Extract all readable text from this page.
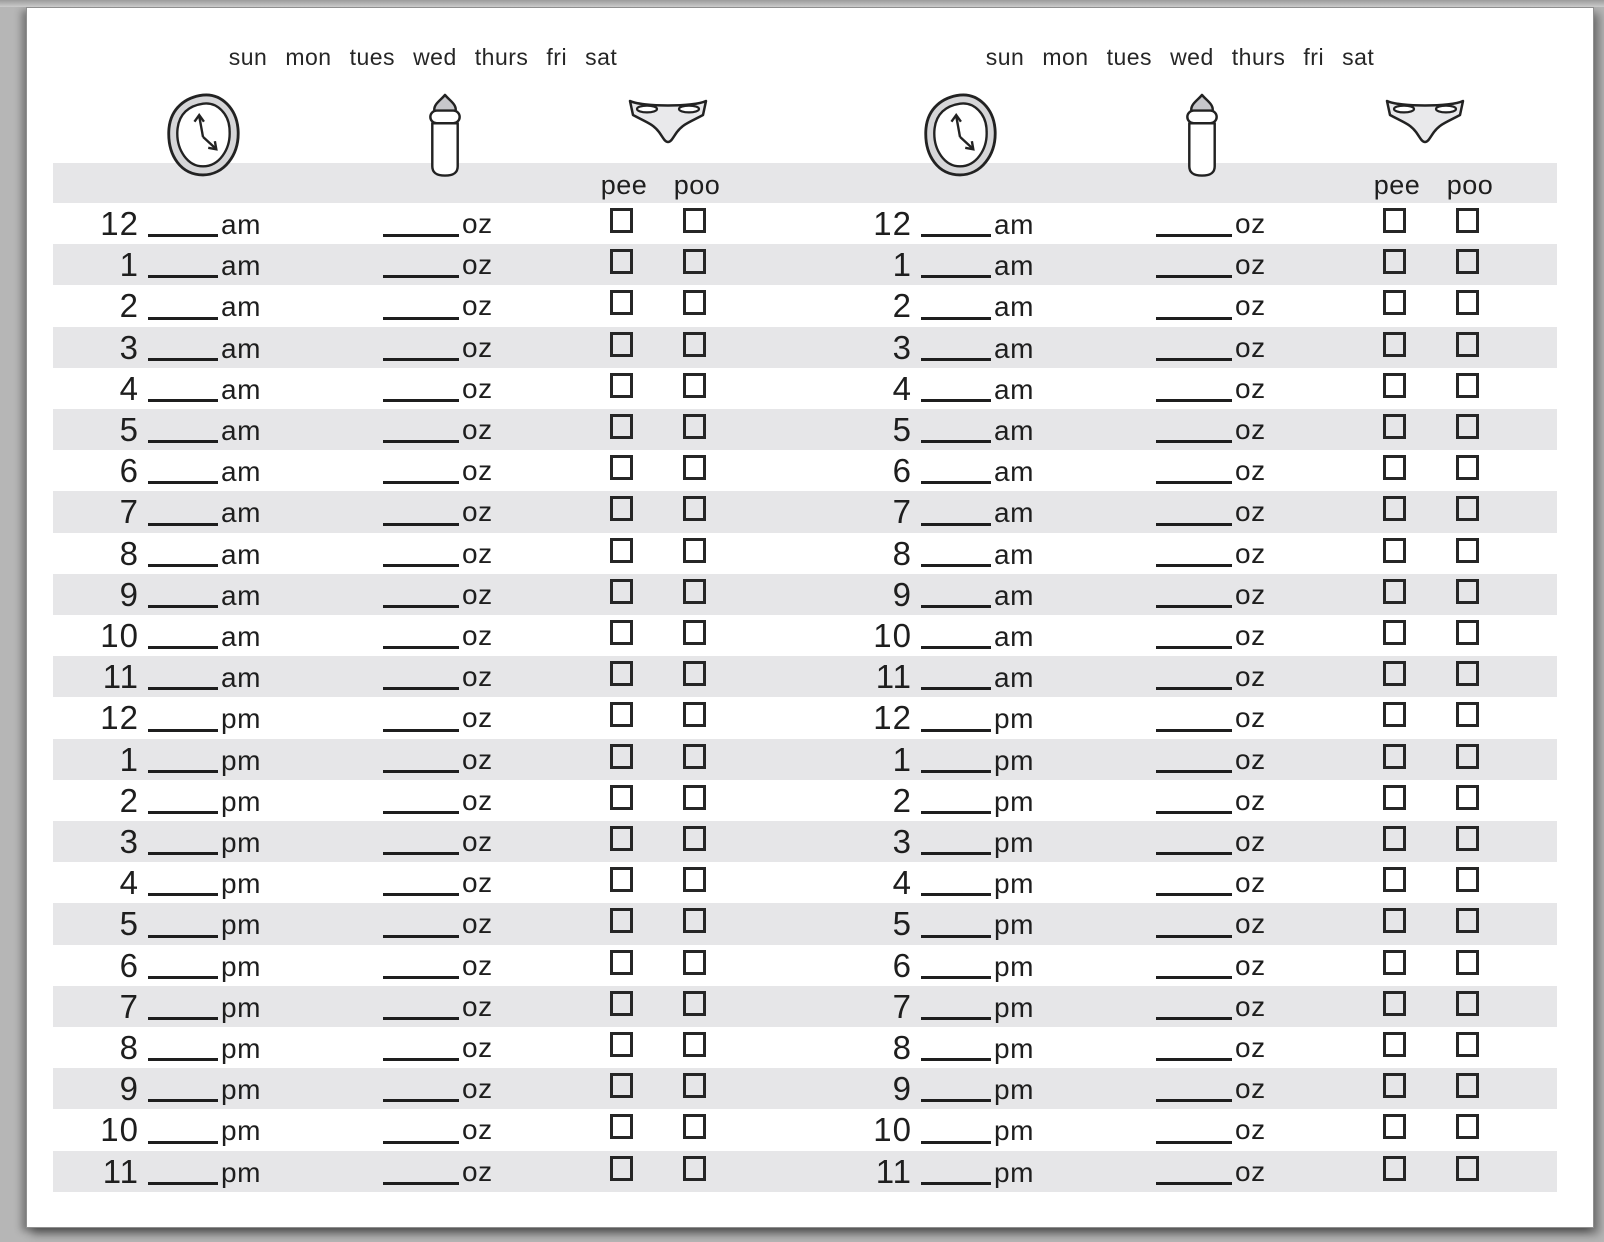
pee poo	pee poo
12	am	oz	12	am	oz
1	am	oz	1	am	oz
2	am	oz	2	am	oz
3	am	oz	3	am	oz
4	am	oz	4	am	oz
5	am	oz	5	am	oz
6	am	oz	6	am	oz
7	am	oz	7	am	oz
8	am	oz	8	am	oz
9	am	oz	9	am	oz
10	am	oz	10	am	oz
11	am	oz	11	am	oz
12	pm	oz	12	pm	oz
1	pm	oz	1	pm	oz
2	pm	oz	2	pm	oz
3	pm	oz	3	pm	oz
4	pm	oz	4	pm	oz
5	pm	oz	5	pm	oz
6	pm	oz	6	pm	oz
7	pm	oz	7	pm	oz
8	pm	oz	8	pm	oz
9	pm	oz	9	pm	oz
10	pm	oz	10	pm	oz
11	pm	oz	11	pm	oz
sun mon tues wed thurs fri sat	sun mon tues wed thurs fri sat
